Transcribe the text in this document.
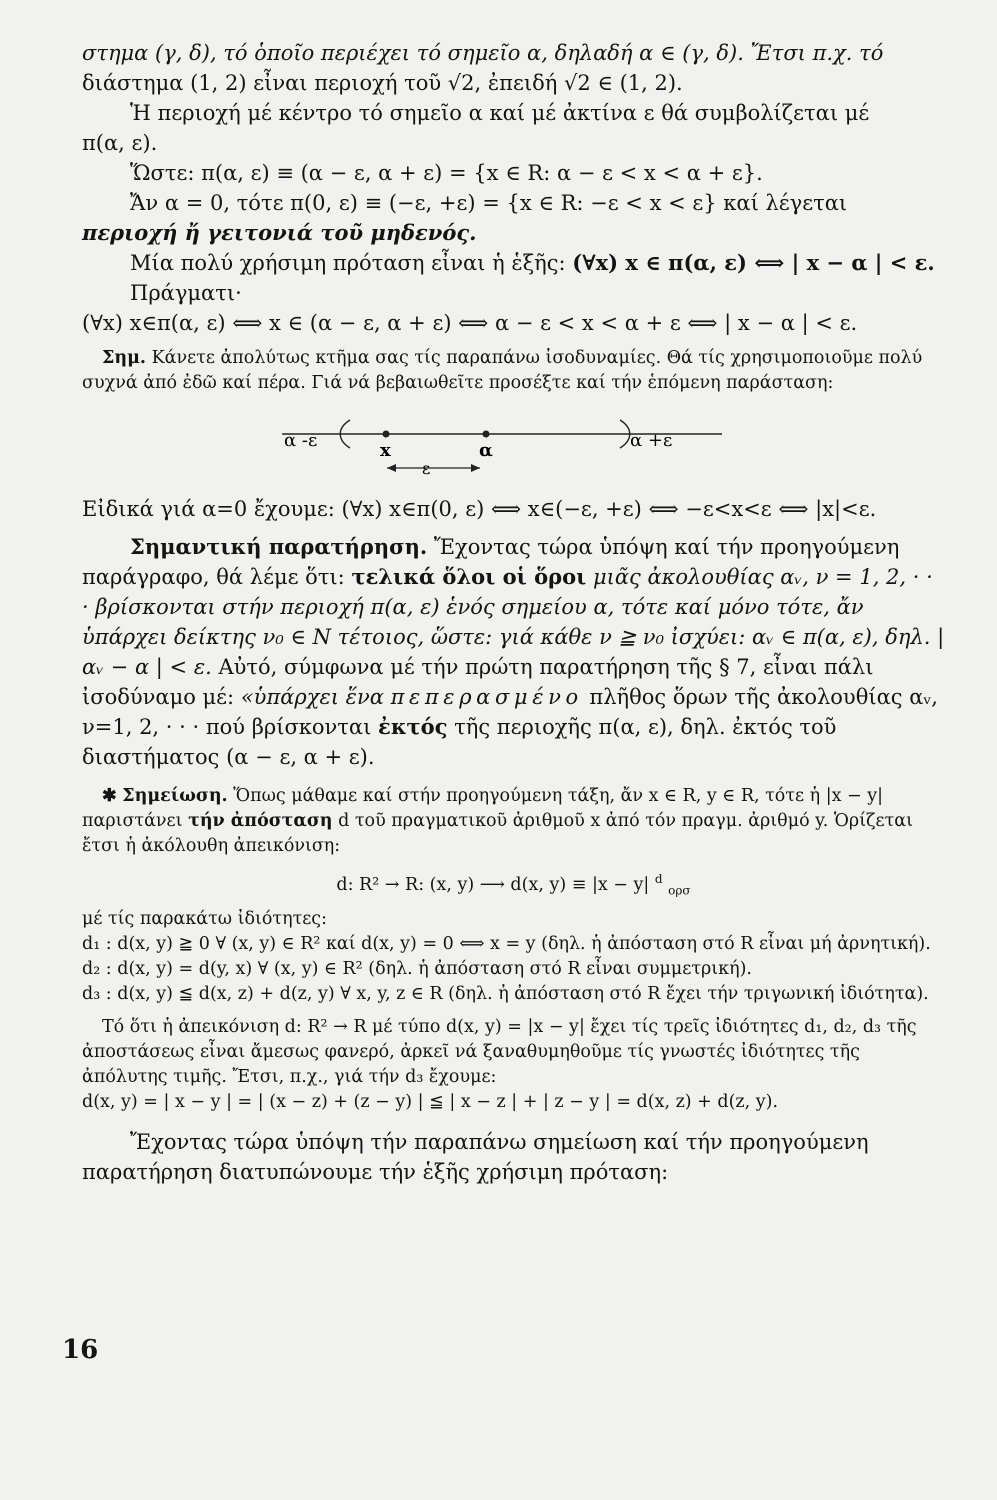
στημα (γ, δ), τό ὁποῖο περιέχει τό σημεῖο α, δηλαδή α ∈ (γ, δ). Ἔτσι π.χ. τό

διάστημα (1, 2) εἶναι περιοχή τοῦ √2, ἐπειδή √2 ∈ (1, 2).

Ἡ περιοχή μέ κέντρο τό σημεῖο α καί μέ ἀκτίνα ε θά συμβολίζεται μέ

π(α, ε).

Ὥστε: π(α, ε) ≡ (α − ε, α + ε) = {x ∈ R: α − ε < x < α + ε}.

Ἄν α = 0, τότε π(0, ε) ≡ (−ε, +ε) = {x ∈ R: −ε < x < ε} καί λέγεται

περιοχή ἤ γειτονιά τοῦ μηδενός.

Μία πολύ χρήσιμη πρόταση εἶναι ἡ ἑξῆς: (∀x) x ∈ π(α, ε) ⟺ | x − α | < ε.

Πράγματι·

(∀x) x∈π(α, ε) ⟺ x ∈ (α − ε, α + ε) ⟺ α − ε < x < α + ε ⟺ | x − α | < ε.

Σημ. Κάνετε ἀπολύτως κτῆμα σας τίς παραπάνω ἰσοδυναμίες. Θά τίς χρησιμοποιοῦμε πολύ συχνά ἀπό ἐδῶ καί πέρα. Γιά νά βεβαιωθεῖτε προσέξτε καί τήν ἑπόμενη παράσταση:

α -ε	x	α	α +ε
ε

Εἰδικά γιά α=0 ἔχουμε: (∀x) x∈π(0, ε) ⟺ x∈(−ε, +ε) ⟺ −ε<x<ε ⟺ |x|<ε.

Σημαντική παρατήρηση. Ἔχοντας τώρα ὑπόψη καί τήν προηγούμενη παράγραφο, θά λέμε ὅτι: τελικά ὅλοι οἱ ὅροι μιᾶς ἀκολουθίας αᵥ, ν = 1, 2, · · · βρίσκονται στήν περιοχή π(α, ε) ἑνός σημείου α, τότε καί μόνο τότε, ἄν ὑπάρχει δείκτης ν₀ ∈ N τέτοιος, ὥστε: γιά κάθε ν ≧ ν₀ ἰσχύει: αᵥ ∈ π(α, ε), δηλ. | αᵥ − α | < ε. Αὐτό, σύμφωνα μέ τήν πρώτη παρατήρηση τῆς § 7, εἶναι πάλι ἰσοδύναμο μέ: «ὑπάρχει ἕνα πεπερασμένο πλῆθος ὅρων τῆς ἀκολουθίας αᵥ, ν=1, 2, · · · πού βρίσκονται ἐκτός τῆς περιοχῆς π(α, ε), δηλ. ἐκτός τοῦ διαστήματος (α − ε, α + ε).

✱ Σημείωση. Ὅπως μάθαμε καί στήν προηγούμενη τάξη, ἄν x ∈ R, y ∈ R, τότε ἡ |x − y| παριστάνει τήν ἀπόσταση d τοῦ πραγματικοῦ ἀριθμοῦ x ἀπό τόν πραγμ. ἀριθμό y. Ὁρίζεται ἔτσι ἡ ἀκόλουθη ἀπεικόνιση:

d: R² → R: (x, y) ⟶ d(x, y) ≡ |x − y| $^d$ $_{o\rho\sigma}$

μέ τίς παρακάτω ἰδιότητες:

d₁ : d(x, y) ≧ 0 ∀ (x, y) ∈ R² καί d(x, y) = 0 ⟺ x = y (δηλ. ἡ ἀπόσταση στό R εἶναι μή ἀρνητική).

d₂ : d(x, y) = d(y, x) ∀ (x, y) ∈ R² (δηλ. ἡ ἀπόσταση στό R εἶναι συμμετρική).

d₃ : d(x, y) ≦ d(x, z) + d(z, y) ∀ x, y, z ∈ R (δηλ. ἡ ἀπόσταση στό R ἔχει τήν τριγωνική ἰδιότητα).

Τό ὅτι ἡ ἀπεικόνιση d: R² → R μέ τύπο d(x, y) = |x − y| ἔχει τίς τρεῖς ἰδιότητες d₁, d₂, d₃ τῆς ἀποστάσεως εἶναι ἄμεσως φανερό, ἀρκεῖ νά ξαναθυμηθοῦμε τίς γνωστές ἰδιότητες τῆς ἀπόλυτης τιμῆς. Ἔτσι, π.χ., γιά τήν d₃ ἔχουμε:

d(x, y) = | x − y | = | (x − z) + (z − y) | ≦ | x − z | + | z − y | = d(x, z) + d(z, y).

Ἔχοντας τώρα ὑπόψη τήν παραπάνω σημείωση καί τήν προηγούμενη παρατήρηση διατυπώνουμε τήν ἑξῆς χρήσιμη πρόταση:

16
